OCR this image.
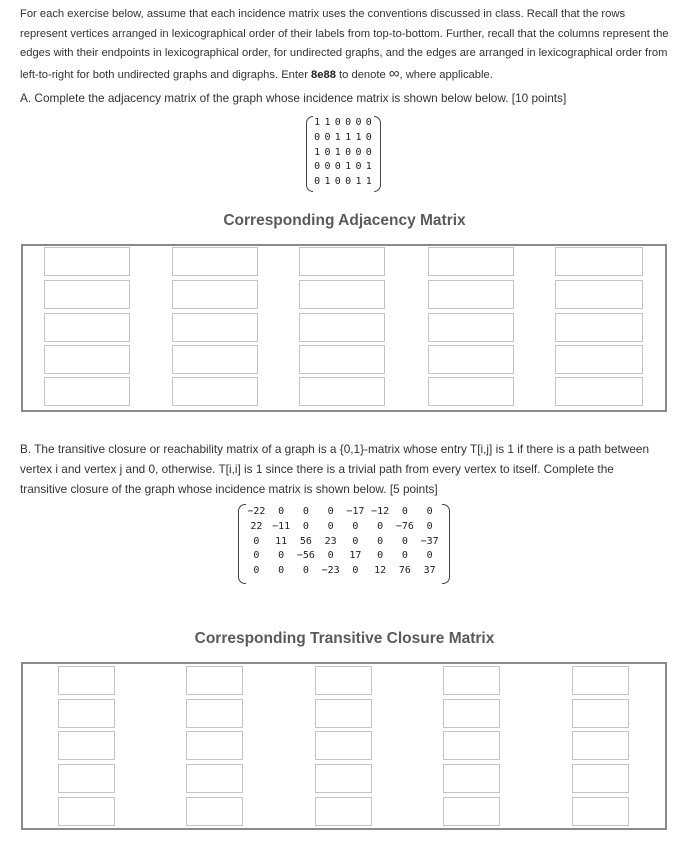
For each exercise below, assume that each incidence matrix uses the conventions discussed in class. Recall that the rows represent vertices arranged in lexicographical order of their labels from top-to-bottom. Further, recall that the columns represent the edges with their endpoints in lexicographical order, for undirected graphs, and the edges are arranged in lexicographical order from left-to-right for both undirected graphs and digraphs. Enter 8e88 to denote ∞, where applicable.
A. Complete the adjacency matrix of the graph whose incidence matrix is shown below below. [10 points]
1 1 0 0 0 0
0 0 1 1 1 0
1 0 1 0 0 0
0 0 0 1 0 1
0 1 0 0 1 1
Corresponding Adjacency Matrix
B. The transitive closure or reachability matrix of a graph is a {0,1}-matrix whose entry T[i,j] is 1 if there is a path between vertex i and vertex j and 0, otherwise. T[i,i] is 1 since there is a trivial path from every vertex to itself. Complete the transitive closure of the graph whose incidence matrix is shown below. [5 points]
−22	0	0	0	−17 −12	0	0
22 −11	0	0	0	0	−76	0
0	11	56	23	0	0	0	−37
0	0	−56	0	17	0	0	0
0	0	0	−23	0	12	76	37
Corresponding Transitive Closure Matrix
